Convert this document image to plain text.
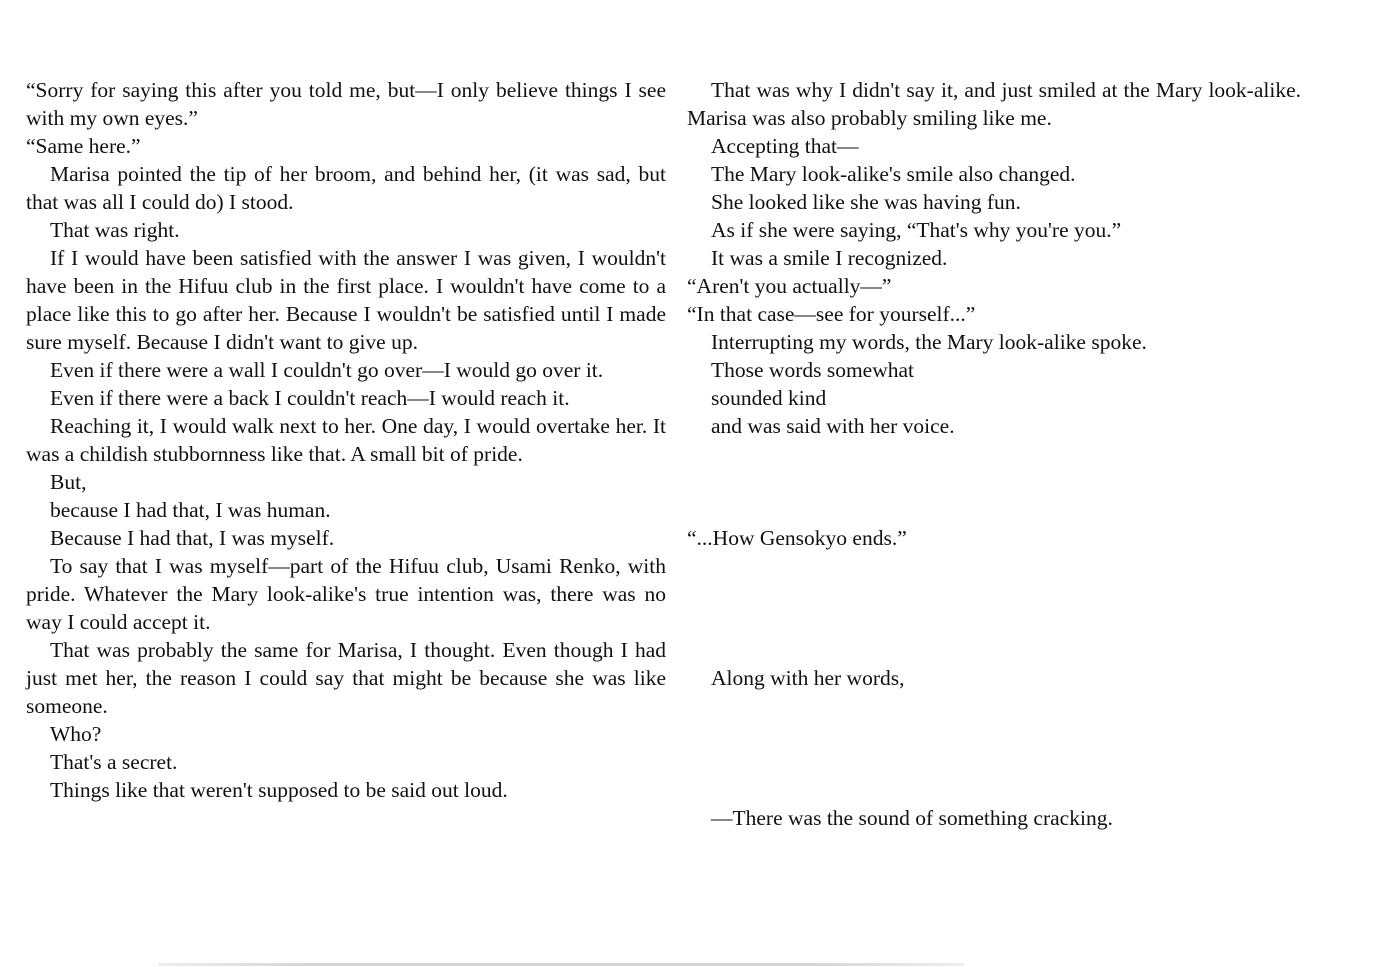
“Sorry for saying this after you told me, but—I only believe things I see with my own eyes.”

“Same here.”

Marisa pointed the tip of her broom, and behind her, (it was sad, but that was all I could do) I stood.

That was right.

If I would have been satisfied with the answer I was given, I wouldn't have been in the Hifuu club in the first place. I wouldn't have come to a place like this to go after her. Because I wouldn't be satisfied until I made sure myself. Because I didn't want to give up.

Even if there were a wall I couldn't go over—I would go over it.

Even if there were a back I couldn't reach—I would reach it.

Reaching it, I would walk next to her. One day, I would overtake her. It was a childish stubbornness like that. A small bit of pride.

But,

because I had that, I was human.

Because I had that, I was myself.

To say that I was myself—part of the Hifuu club, Usami Renko, with pride. Whatever the Mary look-alike's true intention was, there was no way I could accept it.

That was probably the same for Marisa, I thought. Even though I had just met her, the reason I could say that might be because she was like someone.

Who?

That's a secret.

Things like that weren't supposed to be said out loud.

That was why I didn't say it, and just smiled at the Mary look-alike. Marisa was also probably smiling like me.

Accepting that—

The Mary look-alike's smile also changed.

She looked like she was having fun.

As if she were saying, “That's why you're you.”

It was a smile I recognized.

“Aren't you actually—”

“In that case—see for yourself...”

Interrupting my words, the Mary look-alike spoke.

Those words somewhat

sounded kind

and was said with her voice.

“...How Gensokyo ends.”

Along with her words,

—There was the sound of something cracking.
